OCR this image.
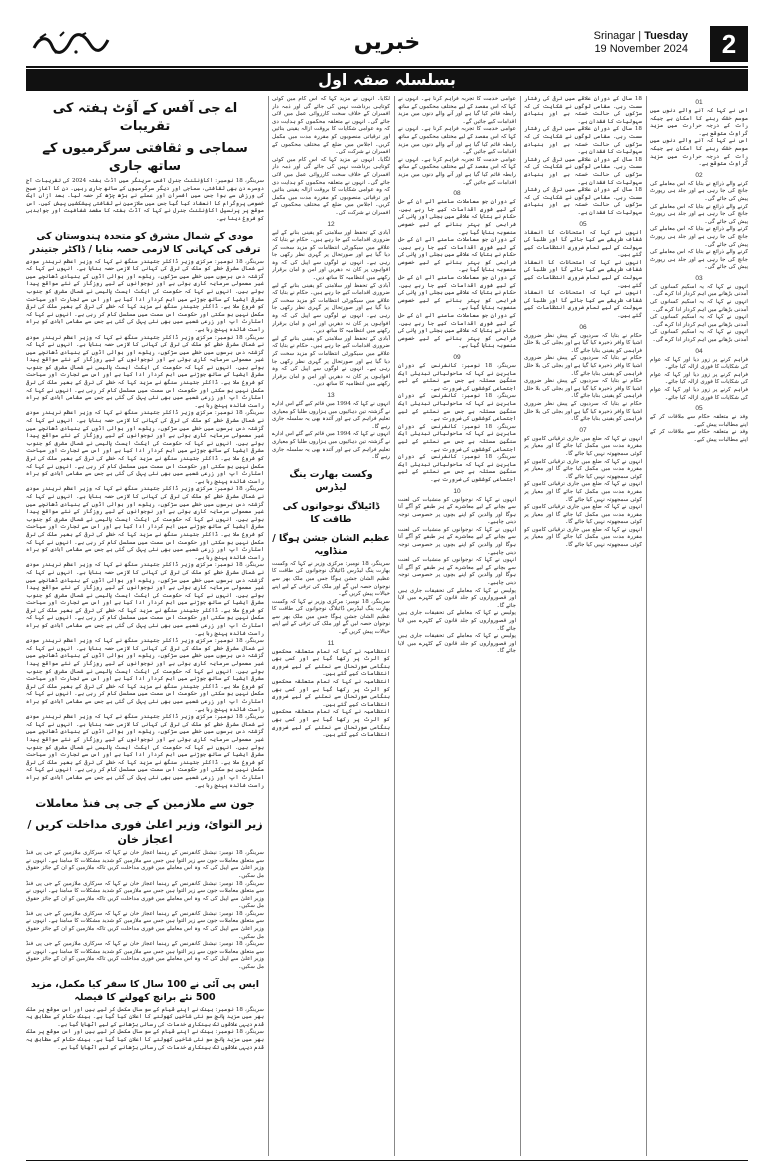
خبریں	Srinagar | Tuesday
19 November 2024	2
بسلسلہ صفہ اول
اے جی آفس کے آؤٹ ہفتہ کی تقریبات
سماجی و ثقافتی سرگرمیوں کے ساتھ جاری
سرینگر، 18 نومبر: اکاؤنٹنٹ جنرل آفس سرینگر میں آڈٹ ہفتہ 2024 کی تقریبات آج دوسرے دن بھی ثقافتی، سماجی اور دیگر سرگرمیوں کے ساتھ جاری رہیں۔ دن کا آغاز صبح کی ورزش سے ہوا جس میں افسران اور عملے نے بڑھ چڑھ کر حصہ لیا۔ بعد ازاں ایک خصوصی پروگرام کا انعقاد کیا گیا جس میں ملازمین نے ثقافتی پیشکشیں پیش کیں۔ اس موقع پر پرنسپل اکاؤنٹنٹ جنرل نے کہا کہ آڈٹ ہفتہ کا مقصد شفافیت اور جوابدہی کو فروغ دینا ہے۔
مودی کے شمال مشرق کو متحدہ ہندوستان کی ترقی کی کہانی کا لازمی حصہ بنایا / ڈاکٹر جتیندر
سرینگر، 18 نومبر: مرکزی وزیر ڈاکٹر جتیندر سنگھ نے کہا کہ وزیر اعظم نریندر مودی نے شمال مشرقی خطے کو ملک کی ترقی کی کہانی کا لازمی حصہ بنایا ہے۔ انہوں نے کہا کہ گزشتہ دس برسوں میں خطے میں سڑکوں، ریلوے اور ہوائی اڈوں کے بنیادی ڈھانچے میں غیر معمولی سرمایہ کاری ہوئی ہے اور نوجوانوں کے لیے روزگار کے نئے مواقع پیدا ہوئے ہیں۔ انہوں نے کہا کہ حکومت کی ایکٹ ایسٹ پالیسی نے شمال مشرق کو جنوب مشرقی ایشیا کے ساتھ جوڑنے میں اہم کردار ادا کیا ہے اور اس سے تجارت اور سیاحت کو فروغ ملا ہے۔ ڈاکٹر جتیندر سنگھ نے مزید کہا کہ خطے کی ترقی کے بغیر ملک کی ترقی مکمل نہیں ہو سکتی اور حکومت اس سمت میں مسلسل کام کر رہی ہے۔ انہوں نے کہا کہ اسٹارٹ اپ اور زرعی شعبے میں بھی نئی پہل کی گئی ہے جس سے مقامی آبادی کو براہ راست فائدہ پہنچ رہا ہے۔
سرینگر، 18 نومبر: مرکزی وزیر ڈاکٹر جتیندر سنگھ نے کہا کہ وزیر اعظم نریندر مودی نے شمال مشرقی خطے کو ملک کی ترقی کی کہانی کا لازمی حصہ بنایا ہے۔ انہوں نے کہا کہ گزشتہ دس برسوں میں خطے میں سڑکوں، ریلوے اور ہوائی اڈوں کے بنیادی ڈھانچے میں غیر معمولی سرمایہ کاری ہوئی ہے اور نوجوانوں کے لیے روزگار کے نئے مواقع پیدا ہوئے ہیں۔ انہوں نے کہا کہ حکومت کی ایکٹ ایسٹ پالیسی نے شمال مشرق کو جنوب مشرقی ایشیا کے ساتھ جوڑنے میں اہم کردار ادا کیا ہے اور اس سے تجارت اور سیاحت کو فروغ ملا ہے۔ ڈاکٹر جتیندر سنگھ نے مزید کہا کہ خطے کی ترقی کے بغیر ملک کی ترقی مکمل نہیں ہو سکتی اور حکومت اس سمت میں مسلسل کام کر رہی ہے۔ انہوں نے کہا کہ اسٹارٹ اپ اور زرعی شعبے میں بھی نئی پہل کی گئی ہے جس سے مقامی آبادی کو براہ راست فائدہ پہنچ رہا ہے۔
سرینگر، 18 نومبر: مرکزی وزیر ڈاکٹر جتیندر سنگھ نے کہا کہ وزیر اعظم نریندر مودی نے شمال مشرقی خطے کو ملک کی ترقی کی کہانی کا لازمی حصہ بنایا ہے۔ انہوں نے کہا کہ گزشتہ دس برسوں میں خطے میں سڑکوں، ریلوے اور ہوائی اڈوں کے بنیادی ڈھانچے میں غیر معمولی سرمایہ کاری ہوئی ہے اور نوجوانوں کے لیے روزگار کے نئے مواقع پیدا ہوئے ہیں۔ انہوں نے کہا کہ حکومت کی ایکٹ ایسٹ پالیسی نے شمال مشرق کو جنوب مشرقی ایشیا کے ساتھ جوڑنے میں اہم کردار ادا کیا ہے اور اس سے تجارت اور سیاحت کو فروغ ملا ہے۔ ڈاکٹر جتیندر سنگھ نے مزید کہا کہ خطے کی ترقی کے بغیر ملک کی ترقی مکمل نہیں ہو سکتی اور حکومت اس سمت میں مسلسل کام کر رہی ہے۔ انہوں نے کہا کہ اسٹارٹ اپ اور زرعی شعبے میں بھی نئی پہل کی گئی ہے جس سے مقامی آبادی کو براہ راست فائدہ پہنچ رہا ہے۔
سرینگر، 18 نومبر: مرکزی وزیر ڈاکٹر جتیندر سنگھ نے کہا کہ وزیر اعظم نریندر مودی نے شمال مشرقی خطے کو ملک کی ترقی کی کہانی کا لازمی حصہ بنایا ہے۔ انہوں نے کہا کہ گزشتہ دس برسوں میں خطے میں سڑکوں، ریلوے اور ہوائی اڈوں کے بنیادی ڈھانچے میں غیر معمولی سرمایہ کاری ہوئی ہے اور نوجوانوں کے لیے روزگار کے نئے مواقع پیدا ہوئے ہیں۔ انہوں نے کہا کہ حکومت کی ایکٹ ایسٹ پالیسی نے شمال مشرق کو جنوب مشرقی ایشیا کے ساتھ جوڑنے میں اہم کردار ادا کیا ہے اور اس سے تجارت اور سیاحت کو فروغ ملا ہے۔ ڈاکٹر جتیندر سنگھ نے مزید کہا کہ خطے کی ترقی کے بغیر ملک کی ترقی مکمل نہیں ہو سکتی اور حکومت اس سمت میں مسلسل کام کر رہی ہے۔ انہوں نے کہا کہ اسٹارٹ اپ اور زرعی شعبے میں بھی نئی پہل کی گئی ہے جس سے مقامی آبادی کو براہ راست فائدہ پہنچ رہا ہے۔
سرینگر، 18 نومبر: مرکزی وزیر ڈاکٹر جتیندر سنگھ نے کہا کہ وزیر اعظم نریندر مودی نے شمال مشرقی خطے کو ملک کی ترقی کی کہانی کا لازمی حصہ بنایا ہے۔ انہوں نے کہا کہ گزشتہ دس برسوں میں خطے میں سڑکوں، ریلوے اور ہوائی اڈوں کے بنیادی ڈھانچے میں غیر معمولی سرمایہ کاری ہوئی ہے اور نوجوانوں کے لیے روزگار کے نئے مواقع پیدا ہوئے ہیں۔ انہوں نے کہا کہ حکومت کی ایکٹ ایسٹ پالیسی نے شمال مشرق کو جنوب مشرقی ایشیا کے ساتھ جوڑنے میں اہم کردار ادا کیا ہے اور اس سے تجارت اور سیاحت کو فروغ ملا ہے۔ ڈاکٹر جتیندر سنگھ نے مزید کہا کہ خطے کی ترقی کے بغیر ملک کی ترقی مکمل نہیں ہو سکتی اور حکومت اس سمت میں مسلسل کام کر رہی ہے۔ انہوں نے کہا کہ اسٹارٹ اپ اور زرعی شعبے میں بھی نئی پہل کی گئی ہے جس سے مقامی آبادی کو براہ راست فائدہ پہنچ رہا ہے۔
سرینگر، 18 نومبر: مرکزی وزیر ڈاکٹر جتیندر سنگھ نے کہا کہ وزیر اعظم نریندر مودی نے شمال مشرقی خطے کو ملک کی ترقی کی کہانی کا لازمی حصہ بنایا ہے۔ انہوں نے کہا کہ گزشتہ دس برسوں میں خطے میں سڑکوں، ریلوے اور ہوائی اڈوں کے بنیادی ڈھانچے میں غیر معمولی سرمایہ کاری ہوئی ہے اور نوجوانوں کے لیے روزگار کے نئے مواقع پیدا ہوئے ہیں۔ انہوں نے کہا کہ حکومت کی ایکٹ ایسٹ پالیسی نے شمال مشرق کو جنوب مشرقی ایشیا کے ساتھ جوڑنے میں اہم کردار ادا کیا ہے اور اس سے تجارت اور سیاحت کو فروغ ملا ہے۔ ڈاکٹر جتیندر سنگھ نے مزید کہا کہ خطے کی ترقی کے بغیر ملک کی ترقی مکمل نہیں ہو سکتی اور حکومت اس سمت میں مسلسل کام کر رہی ہے۔ انہوں نے کہا کہ اسٹارٹ اپ اور زرعی شعبے میں بھی نئی پہل کی گئی ہے جس سے مقامی آبادی کو براہ راست فائدہ پہنچ رہا ہے۔
سرینگر، 18 نومبر: مرکزی وزیر ڈاکٹر جتیندر سنگھ نے کہا کہ وزیر اعظم نریندر مودی نے شمال مشرقی خطے کو ملک کی ترقی کی کہانی کا لازمی حصہ بنایا ہے۔ انہوں نے کہا کہ گزشتہ دس برسوں میں خطے میں سڑکوں، ریلوے اور ہوائی اڈوں کے بنیادی ڈھانچے میں غیر معمولی سرمایہ کاری ہوئی ہے اور نوجوانوں کے لیے روزگار کے نئے مواقع پیدا ہوئے ہیں۔ انہوں نے کہا کہ حکومت کی ایکٹ ایسٹ پالیسی نے شمال مشرق کو جنوب مشرقی ایشیا کے ساتھ جوڑنے میں اہم کردار ادا کیا ہے اور اس سے تجارت اور سیاحت کو فروغ ملا ہے۔ ڈاکٹر جتیندر سنگھ نے مزید کہا کہ خطے کی ترقی کے بغیر ملک کی ترقی مکمل نہیں ہو سکتی اور حکومت اس سمت میں مسلسل کام کر رہی ہے۔ انہوں نے کہا کہ اسٹارٹ اپ اور زرعی شعبے میں بھی نئی پہل کی گئی ہے جس سے مقامی آبادی کو براہ راست فائدہ پہنچ رہا ہے۔
جون سے ملازمین کے جی پی فنڈ معاملات
زیر التوائ، وزیر اعلیٰ فوری مداخلت کریں / اعجاز خان
سرینگر، 18 نومبر: نیشنل کانفرنس کے رہنما اعجاز خان نے کہا کہ سرکاری ملازمین کے جی پی فنڈ سے متعلق معاملات جون سے زیر التوا ہیں جس سے ملازمین کو شدید مشکلات کا سامنا ہے۔ انہوں نے وزیر اعلیٰ سے اپیل کی کہ وہ اس معاملے میں فوری مداخلت کریں تاکہ ملازمین کو ان کے جائز حقوق مل سکیں۔
سرینگر، 18 نومبر: نیشنل کانفرنس کے رہنما اعجاز خان نے کہا کہ سرکاری ملازمین کے جی پی فنڈ سے متعلق معاملات جون سے زیر التوا ہیں جس سے ملازمین کو شدید مشکلات کا سامنا ہے۔ انہوں نے وزیر اعلیٰ سے اپیل کی کہ وہ اس معاملے میں فوری مداخلت کریں تاکہ ملازمین کو ان کے جائز حقوق مل سکیں۔
سرینگر، 18 نومبر: نیشنل کانفرنس کے رہنما اعجاز خان نے کہا کہ سرکاری ملازمین کے جی پی فنڈ سے متعلق معاملات جون سے زیر التوا ہیں جس سے ملازمین کو شدید مشکلات کا سامنا ہے۔ انہوں نے وزیر اعلیٰ سے اپیل کی کہ وہ اس معاملے میں فوری مداخلت کریں تاکہ ملازمین کو ان کے جائز حقوق مل سکیں۔
سرینگر، 18 نومبر: نیشنل کانفرنس کے رہنما اعجاز خان نے کہا کہ سرکاری ملازمین کے جی پی فنڈ سے متعلق معاملات جون سے زیر التوا ہیں جس سے ملازمین کو شدید مشکلات کا سامنا ہے۔ انہوں نے وزیر اعلیٰ سے اپیل کی کہ وہ اس معاملے میں فوری مداخلت کریں تاکہ ملازمین کو ان کے جائز حقوق مل سکیں۔
ایس پی آئی نے 100 سال کا سفر کیا مکمل، مزید 500 نئے برانچ کھولنے کا فیصلہ
سرینگر، 18 نومبر: بینک نے اپنے قیام کے سو سال مکمل کر لیے ہیں اور اس موقع پر ملک بھر میں مزید پانچ سو نئی شاخیں کھولنے کا اعلان کیا گیا ہے۔ بینک حکام کے مطابق یہ قدم دیہی علاقوں تک بینکاری خدمات کی رسائی بڑھانے کے لیے اٹھایا گیا ہے۔
سرینگر، 18 نومبر: بینک نے اپنے قیام کے سو سال مکمل کر لیے ہیں اور اس موقع پر ملک بھر میں مزید پانچ سو نئی شاخیں کھولنے کا اعلان کیا گیا ہے۔ بینک حکام کے مطابق یہ قدم دیہی علاقوں تک بینکاری خدمات کی رسائی بڑھانے کے لیے اٹھایا گیا ہے۔
لگایا۔ انہوں نے مزید کہا کہ اس کام میں کوئی کوتاہی برداشت نہیں کی جائے گی اور ذمہ دار افسران کے خلاف سخت کارروائی عمل میں لائی جائے گی۔ انہوں نے متعلقہ محکموں کو ہدایت دی کہ وہ عوامی شکایات کا بروقت ازالہ یقینی بنائیں اور ترقیاتی منصوبوں کو مقررہ مدت میں مکمل کریں۔ اجلاس میں ضلع کے مختلف محکموں کے افسران نے شرکت کی۔
لگایا۔ انہوں نے مزید کہا کہ اس کام میں کوئی کوتاہی برداشت نہیں کی جائے گی اور ذمہ دار افسران کے خلاف سخت کارروائی عمل میں لائی جائے گی۔ انہوں نے متعلقہ محکموں کو ہدایت دی کہ وہ عوامی شکایات کا بروقت ازالہ یقینی بنائیں اور ترقیاتی منصوبوں کو مقررہ مدت میں مکمل کریں۔ اجلاس میں ضلع کے مختلف محکموں کے افسران نے شرکت کی۔
12
آبادی کے تحفظ اور سلامتی کو یقینی بنانے کے لیے ضروری اقدامات کیے جا رہے ہیں۔ حکام نے بتایا کہ علاقے میں سیکورٹی انتظامات کو مزید سخت کر دیا گیا ہے اور صورتحال پر گہری نظر رکھی جا رہی ہے۔ انہوں نے لوگوں سے اپیل کی کہ وہ افواہوں پر کان نہ دھریں اور امن و امان برقرار رکھنے میں انتظامیہ کا ساتھ دیں۔
آبادی کے تحفظ اور سلامتی کو یقینی بنانے کے لیے ضروری اقدامات کیے جا رہے ہیں۔ حکام نے بتایا کہ علاقے میں سیکورٹی انتظامات کو مزید سخت کر دیا گیا ہے اور صورتحال پر گہری نظر رکھی جا رہی ہے۔ انہوں نے لوگوں سے اپیل کی کہ وہ افواہوں پر کان نہ دھریں اور امن و امان برقرار رکھنے میں انتظامیہ کا ساتھ دیں۔
آبادی کے تحفظ اور سلامتی کو یقینی بنانے کے لیے ضروری اقدامات کیے جا رہے ہیں۔ حکام نے بتایا کہ علاقے میں سیکورٹی انتظامات کو مزید سخت کر دیا گیا ہے اور صورتحال پر گہری نظر رکھی جا رہی ہے۔ انہوں نے لوگوں سے اپیل کی کہ وہ افواہوں پر کان نہ دھریں اور امن و امان برقرار رکھنے میں انتظامیہ کا ساتھ دیں۔
13
انہوں نے کہا کہ 1994 میں قائم کیے گئے اس ادارے نے گزشتہ تین دہائیوں میں ہزاروں طلبا کو معیاری تعلیم فراہم کی ہے اور آئندہ بھی یہ سلسلہ جاری رہے گا۔
انہوں نے کہا کہ 1994 میں قائم کیے گئے اس ادارے نے گزشتہ تین دہائیوں میں ہزاروں طلبا کو معیاری تعلیم فراہم کی ہے اور آئندہ بھی یہ سلسلہ جاری رہے گا۔
وکست بھارت ینگ لیڈرس
ڈائیلاگ نوجوانوں کی طاقت کا
عظیم الشان جشن ہوگا / منڈاویہ
سرینگر، 18 نومبر: مرکزی وزیر نے کہا کہ وکست بھارت ینگ لیڈرس ڈائیلاگ نوجوانوں کی طاقت کا عظیم الشان جشن ہوگا جس میں ملک بھر سے نوجوان حصہ لیں گے اور ملک کی ترقی کے لیے اپنے خیالات پیش کریں گے۔
سرینگر، 18 نومبر: مرکزی وزیر نے کہا کہ وکست بھارت ینگ لیڈرس ڈائیلاگ نوجوانوں کی طاقت کا عظیم الشان جشن ہوگا جس میں ملک بھر سے نوجوان حصہ لیں گے اور ملک کی ترقی کے لیے اپنے خیالات پیش کریں گے۔
11
انتظامیہ نے کہا کہ تمام متعلقہ محکموں کو الرٹ پر رکھا گیا ہے اور کسی بھی ہنگامی صورتحال سے نمٹنے کے لیے ضروری انتظامات کیے گئے ہیں۔
انتظامیہ نے کہا کہ تمام متعلقہ محکموں کو الرٹ پر رکھا گیا ہے اور کسی بھی ہنگامی صورتحال سے نمٹنے کے لیے ضروری انتظامات کیے گئے ہیں۔
انتظامیہ نے کہا کہ تمام متعلقہ محکموں کو الرٹ پر رکھا گیا ہے اور کسی بھی ہنگامی صورتحال سے نمٹنے کے لیے ضروری انتظامات کیے گئے ہیں۔
عوامی خدمت کا تجربہ فراہم کرنا ہے۔ انہوں نے کہا کہ اس مقصد کے لیے مختلف محکموں کے ساتھ رابطہ قائم کیا گیا ہے اور آنے والے دنوں میں مزید اقدامات کیے جائیں گے۔
عوامی خدمت کا تجربہ فراہم کرنا ہے۔ انہوں نے کہا کہ اس مقصد کے لیے مختلف محکموں کے ساتھ رابطہ قائم کیا گیا ہے اور آنے والے دنوں میں مزید اقدامات کیے جائیں گے۔
عوامی خدمت کا تجربہ فراہم کرنا ہے۔ انہوں نے کہا کہ اس مقصد کے لیے مختلف محکموں کے ساتھ رابطہ قائم کیا گیا ہے اور آنے والے دنوں میں مزید اقدامات کیے جائیں گے۔
08
کے دوران جو معاملات سامنے آئے ان کے حل کے لیے فوری اقدامات کیے جا رہے ہیں۔ حکام نے بتایا کہ علاقے میں بجلی اور پانی کی فراہمی کو بہتر بنانے کے لیے خصوصی منصوبہ بنایا گیا ہے۔
کے دوران جو معاملات سامنے آئے ان کے حل کے لیے فوری اقدامات کیے جا رہے ہیں۔ حکام نے بتایا کہ علاقے میں بجلی اور پانی کی فراہمی کو بہتر بنانے کے لیے خصوصی منصوبہ بنایا گیا ہے۔
کے دوران جو معاملات سامنے آئے ان کے حل کے لیے فوری اقدامات کیے جا رہے ہیں۔ حکام نے بتایا کہ علاقے میں بجلی اور پانی کی فراہمی کو بہتر بنانے کے لیے خصوصی منصوبہ بنایا گیا ہے۔
کے دوران جو معاملات سامنے آئے ان کے حل کے لیے فوری اقدامات کیے جا رہے ہیں۔ حکام نے بتایا کہ علاقے میں بجلی اور پانی کی فراہمی کو بہتر بنانے کے لیے خصوصی منصوبہ بنایا گیا ہے۔
09
سرینگر، 18 نومبر: کانفرنس کے دوران ماہرین نے کہا کہ ماحولیاتی تبدیلی ایک سنگین مسئلہ ہے جس سے نمٹنے کے لیے اجتماعی کوششوں کی ضرورت ہے۔
سرینگر، 18 نومبر: کانفرنس کے دوران ماہرین نے کہا کہ ماحولیاتی تبدیلی ایک سنگین مسئلہ ہے جس سے نمٹنے کے لیے اجتماعی کوششوں کی ضرورت ہے۔
سرینگر، 18 نومبر: کانفرنس کے دوران ماہرین نے کہا کہ ماحولیاتی تبدیلی ایک سنگین مسئلہ ہے جس سے نمٹنے کے لیے اجتماعی کوششوں کی ضرورت ہے۔
سرینگر، 18 نومبر: کانفرنس کے دوران ماہرین نے کہا کہ ماحولیاتی تبدیلی ایک سنگین مسئلہ ہے جس سے نمٹنے کے لیے اجتماعی کوششوں کی ضرورت ہے۔
10
انہوں نے کہا کہ نوجوانوں کو منشیات کی لعنت سے بچانے کے لیے معاشرے کے ہر طبقے کو آگے آنا ہوگا اور والدین کو اپنے بچوں پر خصوصی توجہ دینی چاہیے۔
انہوں نے کہا کہ نوجوانوں کو منشیات کی لعنت سے بچانے کے لیے معاشرے کے ہر طبقے کو آگے آنا ہوگا اور والدین کو اپنے بچوں پر خصوصی توجہ دینی چاہیے۔
انہوں نے کہا کہ نوجوانوں کو منشیات کی لعنت سے بچانے کے لیے معاشرے کے ہر طبقے کو آگے آنا ہوگا اور والدین کو اپنے بچوں پر خصوصی توجہ دینی چاہیے۔
پولیس نے کہا کہ معاملے کی تحقیقات جاری ہیں اور قصورواروں کو جلد قانون کے کٹہرے میں لایا جائے گا۔
پولیس نے کہا کہ معاملے کی تحقیقات جاری ہیں اور قصورواروں کو جلد قانون کے کٹہرے میں لایا جائے گا۔
پولیس نے کہا کہ معاملے کی تحقیقات جاری ہیں اور قصورواروں کو جلد قانون کے کٹہرے میں لایا جائے گا۔
18 سال کے دوران علاقے میں ترقی کی رفتار سست رہی۔ مقامی لوگوں نے شکایت کی کہ سڑکوں کی حالت خستہ ہے اور بنیادی سہولیات کا فقدان ہے۔
18 سال کے دوران علاقے میں ترقی کی رفتار سست رہی۔ مقامی لوگوں نے شکایت کی کہ سڑکوں کی حالت خستہ ہے اور بنیادی سہولیات کا فقدان ہے۔
18 سال کے دوران علاقے میں ترقی کی رفتار سست رہی۔ مقامی لوگوں نے شکایت کی کہ سڑکوں کی حالت خستہ ہے اور بنیادی سہولیات کا فقدان ہے۔
18 سال کے دوران علاقے میں ترقی کی رفتار سست رہی۔ مقامی لوگوں نے شکایت کی کہ سڑکوں کی حالت خستہ ہے اور بنیادی سہولیات کا فقدان ہے۔
05
انہوں نے کہا کہ امتحانات کا انعقاد شفاف طریقے سے کیا جائے گا اور طلبا کی سہولت کے لیے تمام ضروری انتظامات کیے گئے ہیں۔
انہوں نے کہا کہ امتحانات کا انعقاد شفاف طریقے سے کیا جائے گا اور طلبا کی سہولت کے لیے تمام ضروری انتظامات کیے گئے ہیں۔
انہوں نے کہا کہ امتحانات کا انعقاد شفاف طریقے سے کیا جائے گا اور طلبا کی سہولت کے لیے تمام ضروری انتظامات کیے گئے ہیں۔
06
حکام نے بتایا کہ سردیوں کے پیش نظر ضروری اشیا کا وافر ذخیرہ کیا گیا ہے اور بجلی کی بلا خلل فراہمی کو یقینی بنایا جائے گا۔
حکام نے بتایا کہ سردیوں کے پیش نظر ضروری اشیا کا وافر ذخیرہ کیا گیا ہے اور بجلی کی بلا خلل فراہمی کو یقینی بنایا جائے گا۔
حکام نے بتایا کہ سردیوں کے پیش نظر ضروری اشیا کا وافر ذخیرہ کیا گیا ہے اور بجلی کی بلا خلل فراہمی کو یقینی بنایا جائے گا۔
حکام نے بتایا کہ سردیوں کے پیش نظر ضروری اشیا کا وافر ذخیرہ کیا گیا ہے اور بجلی کی بلا خلل فراہمی کو یقینی بنایا جائے گا۔
07
انہوں نے کہا کہ ضلع میں جاری ترقیاتی کاموں کو مقررہ مدت میں مکمل کیا جائے گا اور معیار پر کوئی سمجھوتہ نہیں کیا جائے گا۔
انہوں نے کہا کہ ضلع میں جاری ترقیاتی کاموں کو مقررہ مدت میں مکمل کیا جائے گا اور معیار پر کوئی سمجھوتہ نہیں کیا جائے گا۔
انہوں نے کہا کہ ضلع میں جاری ترقیاتی کاموں کو مقررہ مدت میں مکمل کیا جائے گا اور معیار پر کوئی سمجھوتہ نہیں کیا جائے گا۔
انہوں نے کہا کہ ضلع میں جاری ترقیاتی کاموں کو مقررہ مدت میں مکمل کیا جائے گا اور معیار پر کوئی سمجھوتہ نہیں کیا جائے گا۔
انہوں نے کہا کہ ضلع میں جاری ترقیاتی کاموں کو مقررہ مدت میں مکمل کیا جائے گا اور معیار پر کوئی سمجھوتہ نہیں کیا جائے گا۔
01
اس نے کہا کہ آنے والے دنوں میں موسم خشک رہنے کا امکان ہے جبکہ رات کے درجہ حرارت میں مزید گراوٹ متوقع ہے۔
اس نے کہا کہ آنے والے دنوں میں موسم خشک رہنے کا امکان ہے جبکہ رات کے درجہ حرارت میں مزید گراوٹ متوقع ہے۔
02
کرنے والے ذرائع نے بتایا کہ اس معاملے کی جانچ کی جا رہی ہے اور جلد ہی رپورٹ پیش کی جائے گی۔
کرنے والے ذرائع نے بتایا کہ اس معاملے کی جانچ کی جا رہی ہے اور جلد ہی رپورٹ پیش کی جائے گی۔
کرنے والے ذرائع نے بتایا کہ اس معاملے کی جانچ کی جا رہی ہے اور جلد ہی رپورٹ پیش کی جائے گی۔
کرنے والے ذرائع نے بتایا کہ اس معاملے کی جانچ کی جا رہی ہے اور جلد ہی رپورٹ پیش کی جائے گی۔
03
انہوں نے کہا کہ یہ اسکیم کسانوں کی آمدنی بڑھانے میں اہم کردار ادا کرے گی۔
انہوں نے کہا کہ یہ اسکیم کسانوں کی آمدنی بڑھانے میں اہم کردار ادا کرے گی۔
انہوں نے کہا کہ یہ اسکیم کسانوں کی آمدنی بڑھانے میں اہم کردار ادا کرے گی۔
انہوں نے کہا کہ یہ اسکیم کسانوں کی آمدنی بڑھانے میں اہم کردار ادا کرے گی۔
04
فراہم کرنے پر زور دیا اور کہا کہ عوام کی شکایات کا فوری ازالہ کیا جائے۔
فراہم کرنے پر زور دیا اور کہا کہ عوام کی شکایات کا فوری ازالہ کیا جائے۔
فراہم کرنے پر زور دیا اور کہا کہ عوام کی شکایات کا فوری ازالہ کیا جائے۔
05
وفد نے متعلقہ حکام سے ملاقات کر کے اپنے مطالبات پیش کیے۔
وفد نے متعلقہ حکام سے ملاقات کر کے اپنے مطالبات پیش کیے۔
